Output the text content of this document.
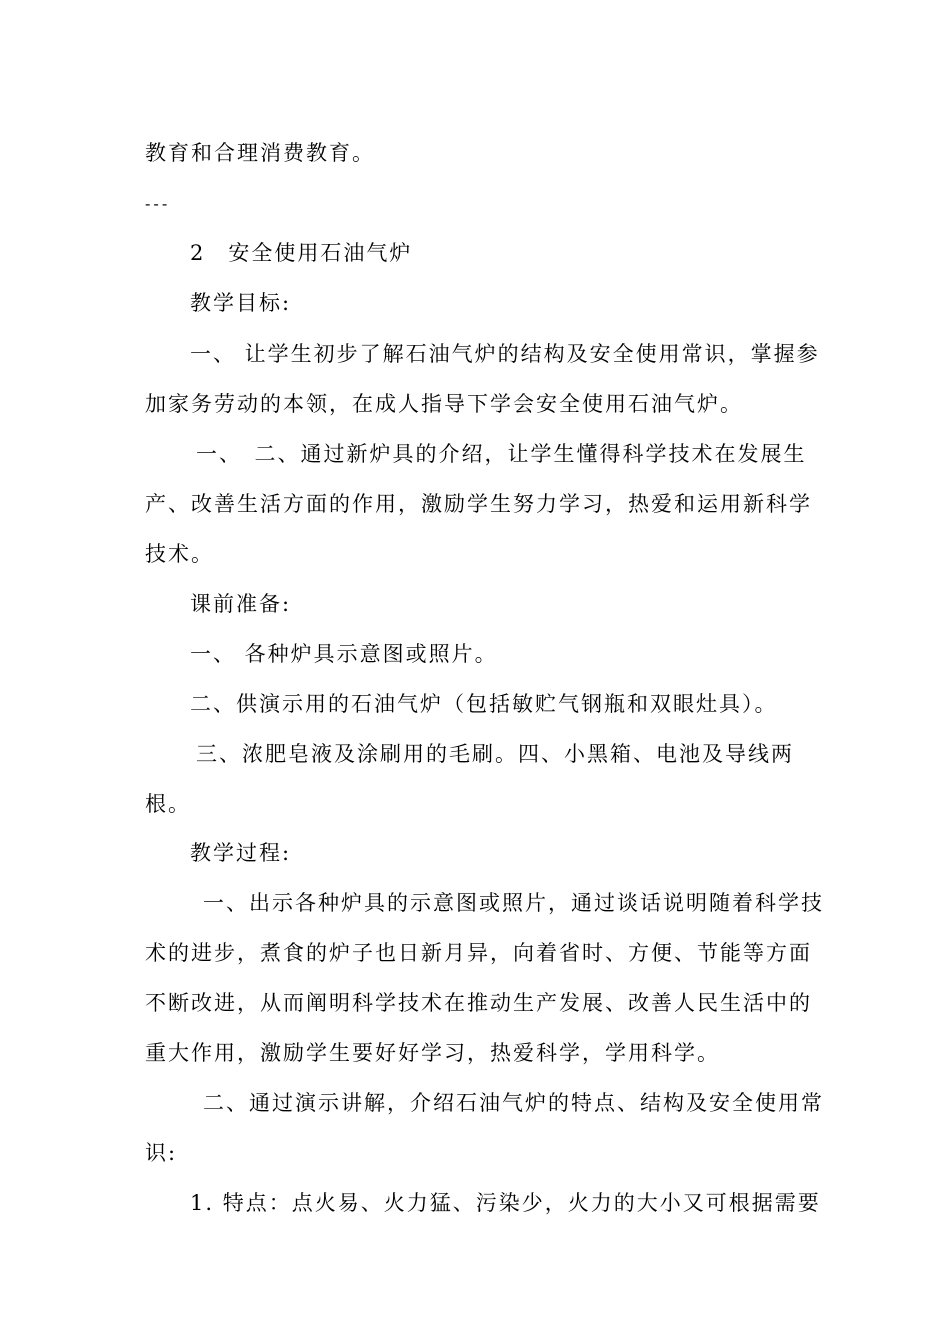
教育和合理消费教育。
---
2　安全使用石油气炉
教学目标:
一、 让学生初步了解石油气炉的结构及安全使用常识，掌握参
加家务劳动的本领，在成人指导下学会安全使用石油气炉。
一、　二、通过新炉具的介绍，让学生懂得科学技术在发展生
产、改善生活方面的作用，激励学生努力学习，热爱和运用新科学
技术。
课前准备:
一、 各种炉具示意图或照片。
二、供演示用的石油气炉（包括敏贮气钢瓶和双眼灶具）。
三、浓肥皂液及涂刷用的毛刷。四、小黑箱、电池及导线两
根。
教学过程:
一、出示各种炉具的示意图或照片，通过谈话说明随着科学技
术的进步，煮食的炉子也日新月异，向着省时、方便、节能等方面
不断改进，从而阐明科学技术在推动生产发展、改善人民生活中的
重大作用，激励学生要好好学习，热爱科学，学用科学。
二、通过演示讲解，介绍石油气炉的特点、结构及安全使用常
识:
1. 特点：点火易、火力猛、污染少，火力的大小又可根据需要
